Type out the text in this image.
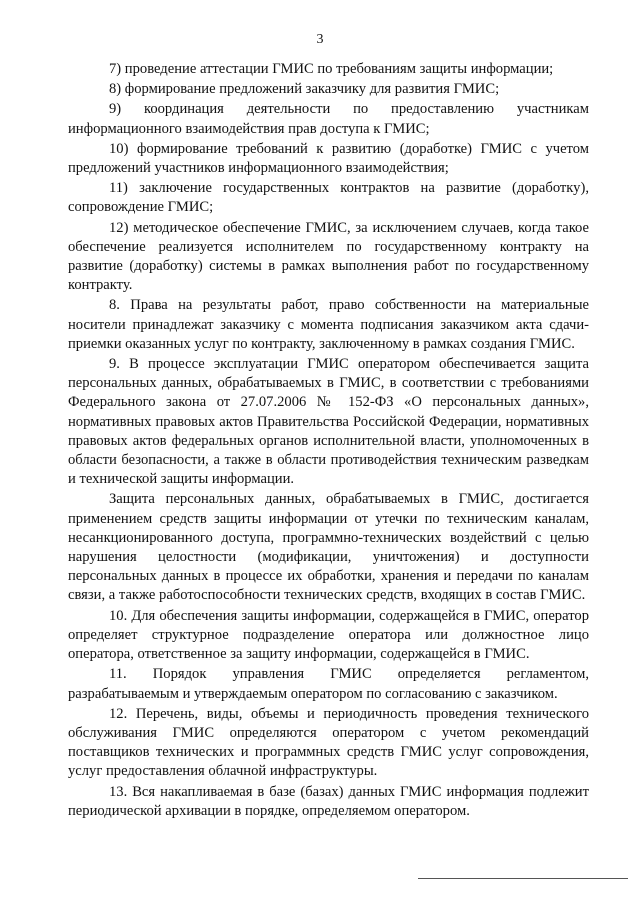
3

7) проведение аттестации ГМИС по требованиям защиты информации;

8) формирование предложений заказчику для развития ГМИС;

9) координация деятельности по предоставлению участникам информационного взаимодействия прав доступа к ГМИС;

10) формирование требований к развитию (доработке) ГМИС с учетом предложений участников информационного взаимодействия;

11) заключение государственных контрактов на развитие (доработку), сопровождение ГМИС;

12) методическое обеспечение ГМИС, за исключением случаев, когда такое обеспечение реализуется исполнителем по государственному контракту на развитие (доработку) системы в рамках выполнения работ по государственному контракту.

8. Права на результаты работ, право собственности на материальные носители принадлежат заказчику с момента подписания заказчиком акта сдачи-приемки оказанных услуг по контракту, заключенному в рамках создания ГМИС.

9. В процессе эксплуатации ГМИС оператором обеспечивается защита персональных данных, обрабатываемых в ГМИС, в соответствии с требованиями Федерального закона от 27.07.2006 № 152-ФЗ «О персональных данных», нормативных правовых актов Правительства Российской Федерации, нормативных правовых актов федеральных органов исполнительной власти, уполномоченных в области безопасности, а также в области противодействия техническим разведкам и технической защиты информации.

Защита персональных данных, обрабатываемых в ГМИС, достигается применением средств защиты информации от утечки по техническим каналам, несанкционированного доступа, программно-технических воздействий с целью нарушения целостности (модификации, уничтожения) и доступности персональных данных в процессе их обработки, хранения и передачи по каналам связи, а также работоспособности технических средств, входящих в состав ГМИС.

10. Для обеспечения защиты информации, содержащейся в ГМИС, оператор определяет структурное подразделение оператора или должностное лицо оператора, ответственное за защиту информации, содержащейся в ГМИС.

11. Порядок управления ГМИС определяется регламентом, разрабатываемым и утверждаемым оператором по согласованию с заказчиком.

12. Перечень, виды, объемы и периодичность проведения технического обслуживания ГМИС определяются оператором с учетом рекомендаций поставщиков технических и программных средств ГМИС услуг сопровождения, услуг предоставления облачной инфраструктуры.

13. Вся накапливаемая в базе (базах) данных ГМИС информация подлежит периодической архивации в порядке, определяемом оператором.
